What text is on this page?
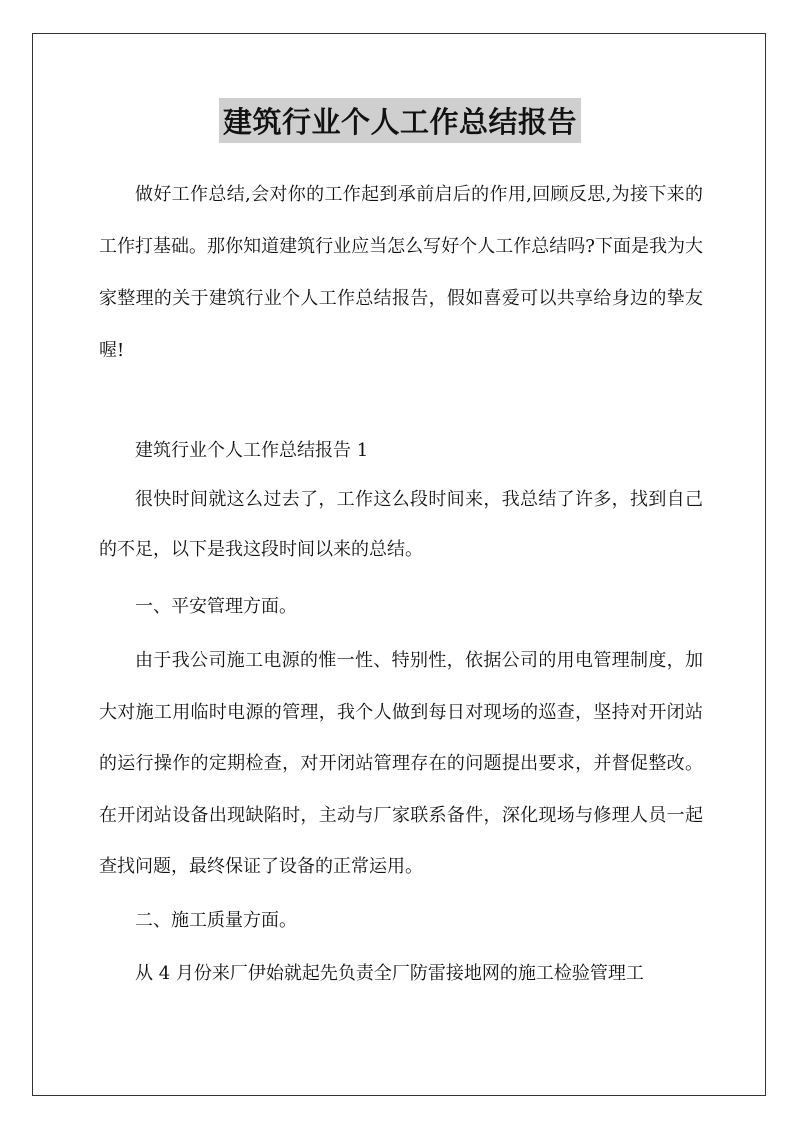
建筑行业个人工作总结报告

做好工作总结,会对你的工作起到承前启后的作用,回顾反思,为接下来的工作打基础。那你知道建筑行业应当怎么写好个人工作总结吗?下面是我为大家整理的关于建筑行业个人工作总结报告，假如喜爱可以共享给身边的挚友喔!

建筑行业个人工作总结报告 1

很快时间就这么过去了，工作这么段时间来，我总结了许多，找到自己的不足，以下是我这段时间以来的总结。

一、平安管理方面。

由于我公司施工电源的惟一性、特别性，依据公司的用电管理制度，加大对施工用临时电源的管理，我个人做到每日对现场的巡查，坚持对开闭站的运行操作的定期检查，对开闭站管理存在的问题提出要求，并督促整改。在开闭站设备出现缺陷时，主动与厂家联系备件，深化现场与修理人员一起查找问题，最终保证了设备的正常运用。

二、施工质量方面。

从 4 月份来厂伊始就起先负责全厂防雷接地网的施工检验管理工
